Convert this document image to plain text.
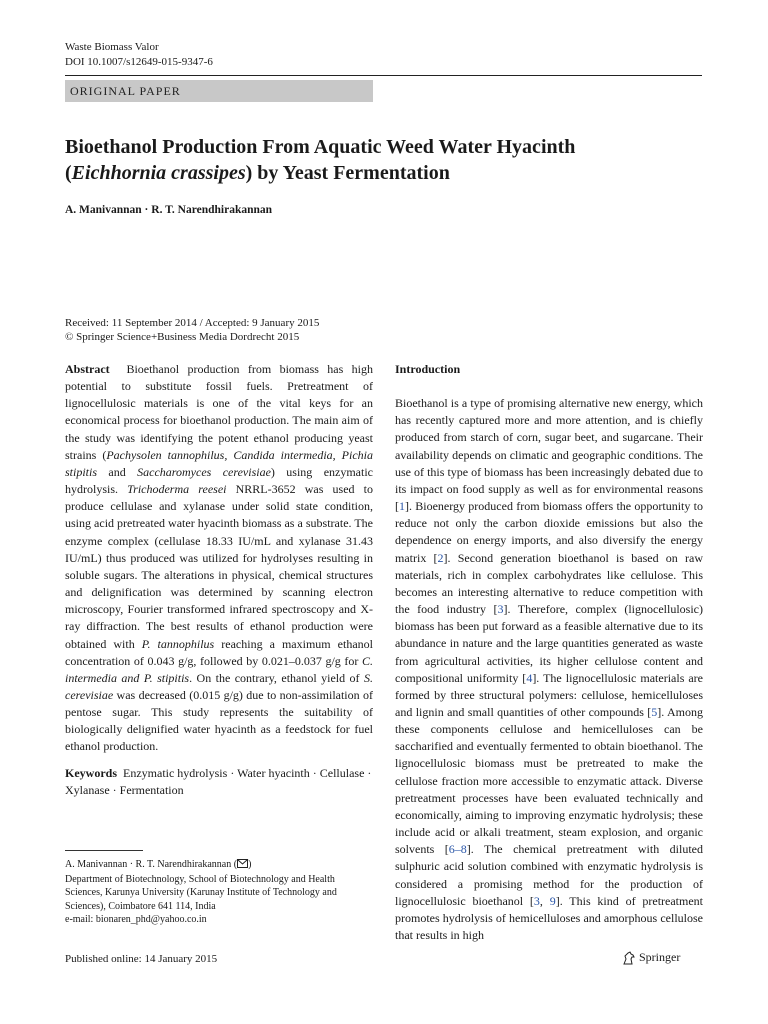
Waste Biomass Valor
DOI 10.1007/s12649-015-9347-6
ORIGINAL PAPER
Bioethanol Production From Aquatic Weed Water Hyacinth
(Eichhornia crassipes) by Yeast Fermentation
A. Manivannan · R. T. Narendhirakannan
Received: 11 September 2014 / Accepted: 9 January 2015
© Springer Science+Business Media Dordrecht 2015

Abstract Bioethanol production from biomass has high potential to substitute fossil fuels. Pretreatment of lignocellulosic materials is one of the vital keys for an economical process for bioethanol production. The main aim of the study was identifying the potent ethanol producing yeast strains (Pachysolen tannophilus, Candida intermedia, Pichia stipitis and Saccharomyces cerevisiae) using enzymatic hydrolysis. Trichoderma reesei NRRL-3652 was used to produce cellulase and xylanase under solid state condition, using acid pretreated water hyacinth biomass as a substrate. The enzyme complex (cellulase 18.33 IU/mL and xylanase 31.43 IU/mL) thus produced was utilized for hydrolyses resulting in soluble sugars. The alterations in physical, chemical structures and delignification was determined by scanning electron microscopy, Fourier transformed infrared spectroscopy and X-ray diffraction. The best results of ethanol production were obtained with P. tannophilus reaching a maximum ethanol concentration of 0.043 g/g, followed by 0.021–0.037 g/g for C. intermedia and P. stipitis. On the contrary, ethanol yield of S. cerevisiae was decreased (0.015 g/g) due to non-assimilation of pentose sugar. This study represents the suitability of biologically delignified water hyacinth as a feedstock for fuel ethanol production.

Keywords Enzymatic hydrolysis · Water hyacinth · Cellulase · Xylanase · Fermentation
A. Manivannan · R. T. Narendhirakannan ( )
Department of Biotechnology, School of Biotechnology and Health Sciences, Karunya University (Karunay Institute of Technology and Sciences), Coimbatore 641 114, India
e-mail: bionaren_phd@yahoo.co.in
Published online: 14 January 2015	Springer
Introduction

Bioethanol is a type of promising alternative new energy, which has recently captured more and more attention, and is chiefly produced from starch of corn, sugar beet, and sugarcane. Their availability depends on climatic and geographic conditions. The use of this type of biomass has been increasingly debated due to its impact on food supply as well as for environmental reasons [1]. Bioenergy produced from biomass offers the opportunity to reduce not only the carbon dioxide emissions but also the dependence on energy imports, and also diversify the energy matrix [2]. Second generation bioethanol is based on raw materials, rich in complex carbohydrates like cellulose. This becomes an interesting alternative to reduce competition with the food industry [3]. Therefore, complex (lignocellulosic) biomass has been put forward as a feasible alternative due to its abundance in nature and the large quantities generated as waste from agricultural activities, its higher cellulose content and compositional uniformity [4]. The lignocellulosic materials are formed by three structural polymers: cellulose, hemicelluloses and lignin and small quantities of other compounds [5]. Among these components cellulose and hemicelluloses can be saccharified and eventually fermented to obtain bioethanol. The lignocellulosic biomass must be pretreated to make the cellulose fraction more accessible to enzymatic attack. Diverse pretreatment processes have been evaluated technically and economically, aiming to improving enzymatic hydrolysis; these include acid or alkali treatment, steam explosion, and organic solvents [6–8]. The chemical pretreatment with diluted sulphuric acid solution combined with enzymatic hydrolysis is considered a promising method for the production of lignocellulosic bioethanol [3, 9]. This kind of pretreatment promotes hydrolysis of hemicelluloses and amorphous cellulose that results in high
